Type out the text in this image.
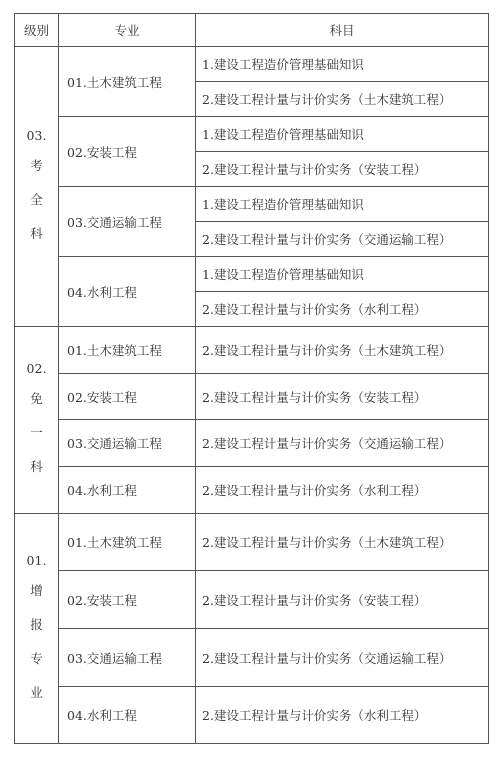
级别	专业	科目

03.
考
全
科	01.土木建筑工程	1.建设工程造价管理基础知识
		2.建设工程计量与计价实务（土木建筑工程）
	02.安装工程	1.建设工程造价管理基础知识
		2.建设工程计量与计价实务（安装工程）
	03.交通运输工程	1.建设工程造价管理基础知识
		2.建设工程计量与计价实务（交通运输工程）
	04.水利工程	1.建设工程造价管理基础知识
		2.建设工程计量与计价实务（水利工程）

02.
免
一
科	01.土木建筑工程	2.建设工程计量与计价实务（土木建筑工程）
	02.安装工程	2.建设工程计量与计价实务（安装工程）
	03.交通运输工程	2.建设工程计量与计价实务（交通运输工程）
	04.水利工程	2.建设工程计量与计价实务（水利工程）

01.
增
报
专
业	01.土木建筑工程	2.建设工程计量与计价实务（土木建筑工程）
	02.安装工程	2.建设工程计量与计价实务（安装工程）
	03.交通运输工程	2.建设工程计量与计价实务（交通运输工程）
	04.水利工程	2.建设工程计量与计价实务（水利工程）
